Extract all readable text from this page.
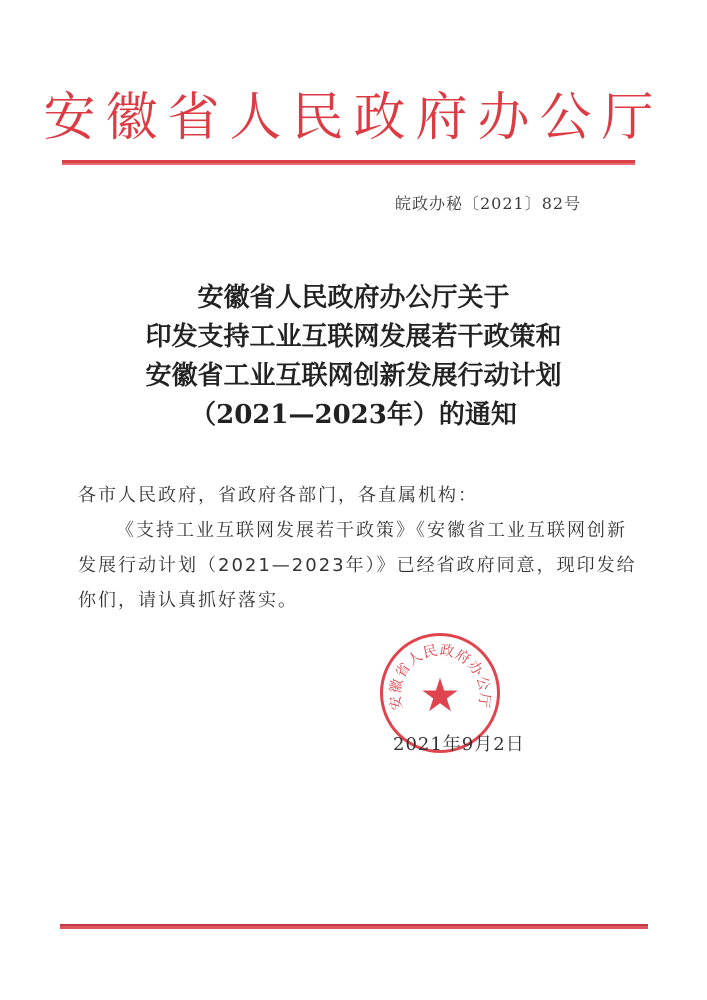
安徽省人民政府办公厅
皖政办秘〔2021〕82号
安徽省人民政府办公厅关于
印发支持工业互联网发展若干政策和
安徽省工业互联网创新发展行动计划
（2021—2023年）的通知
各市人民政府，省政府各部门，各直属机构：
《支持工业互联网发展若干政策》《安徽省工业互联网创新发展行动计划（2021—2023年）》已经省政府同意，现印发给你们，请认真抓好落实。
安徽省人民政府办公厅
★
2021年9月2日
